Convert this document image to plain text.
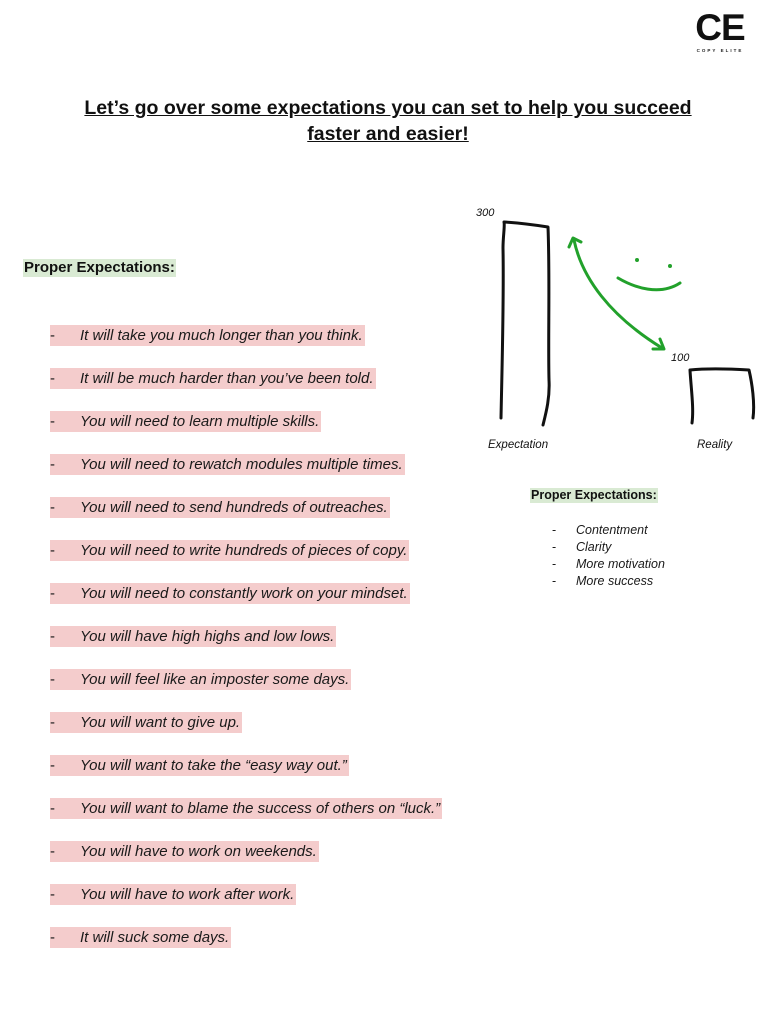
CE
COPY ELITE
Let’s go over some expectations you can set to help you succeed
faster and easier!
Proper Expectations:
- It will take you much longer than you think.
- It will be much harder than you’ve been told.
- You will need to learn multiple skills.
- You will need to rewatch modules multiple times.
- You will need to send hundreds of outreaches.
- You will need to write hundreds of pieces of copy.
- You will need to constantly work on your mindset.
- You will have high highs and low lows.
- You will feel like an imposter some days.
- You will want to give up.
- You will want to take the “easy way out.”
- You will want to blame the success of others on “luck.”
- You will have to work on weekends.
- You will have to work after work.
- It will suck some days.
300
100
Expectation	Reality
Proper Expectations:
- Contentment
- Clarity
- More motivation
- More success
